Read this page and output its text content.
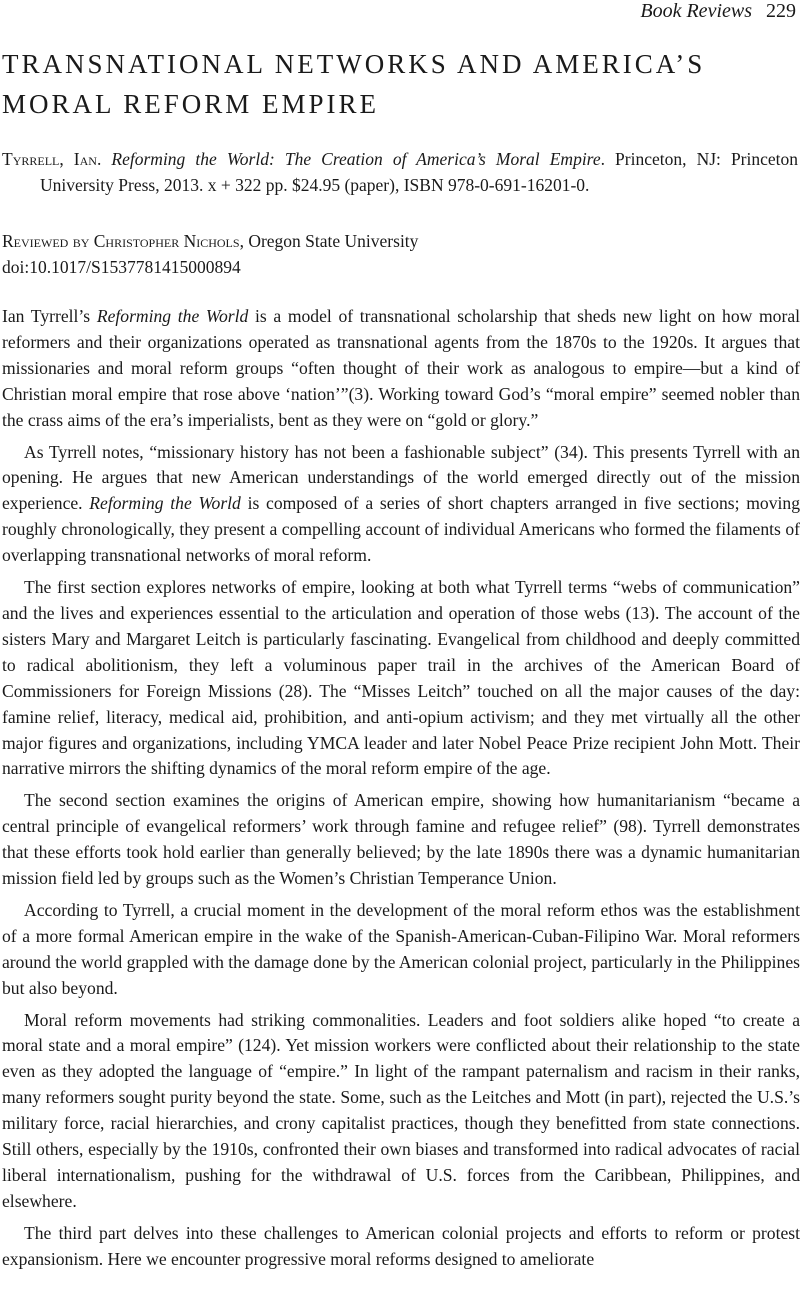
Book Reviews 229
TRANSNATIONAL NETWORKS AND AMERICA’S MORAL REFORM EMPIRE
Tyrrell, Ian. Reforming the World: The Creation of America’s Moral Empire. Princeton, NJ: Princeton University Press, 2013. x + 322 pp. $24.95 (paper), ISBN 978-0-691-16201-0.
Reviewed by Christopher Nichols, Oregon State University
doi:10.1017/S1537781415000894

Ian Tyrrell’s Reforming the World is a model of transnational scholarship that sheds new light on how moral reformers and their organizations operated as transnational agents from the 1870s to the 1920s. It argues that missionaries and moral reform groups “often thought of their work as analogous to empire—but a kind of Christian moral empire that rose above ‘nation’”(3). Working toward God’s “moral empire” seemed nobler than the crass aims of the era’s imperialists, bent as they were on “gold or glory.”

As Tyrrell notes, “missionary history has not been a fashionable subject” (34). This presents Tyrrell with an opening. He argues that new American understandings of the world emerged directly out of the mission experience. Reforming the World is composed of a series of short chapters arranged in five sections; moving roughly chronologically, they present a compelling account of individual Americans who formed the filaments of overlapping transnational networks of moral reform.

The first section explores networks of empire, looking at both what Tyrrell terms “webs of communication” and the lives and experiences essential to the articulation and operation of those webs (13). The account of the sisters Mary and Margaret Leitch is particularly fascinating. Evangelical from childhood and deeply committed to radical abolitionism, they left a voluminous paper trail in the archives of the American Board of Commissioners for Foreign Missions (28). The “Misses Leitch” touched on all the major causes of the day: famine relief, literacy, medical aid, prohibition, and anti-opium activism; and they met virtually all the other major figures and organizations, including YMCA leader and later Nobel Peace Prize recipient John Mott. Their narrative mirrors the shifting dynamics of the moral reform empire of the age.

The second section examines the origins of American empire, showing how humanitarianism “became a central principle of evangelical reformers’ work through famine and refugee relief” (98). Tyrrell demonstrates that these efforts took hold earlier than generally believed; by the late 1890s there was a dynamic humanitarian mission field led by groups such as the Women’s Christian Temperance Union.

According to Tyrrell, a crucial moment in the development of the moral reform ethos was the establishment of a more formal American empire in the wake of the Spanish-American-Cuban-Filipino War. Moral reformers around the world grappled with the damage done by the American colonial project, particularly in the Philippines but also beyond.

Moral reform movements had striking commonalities. Leaders and foot soldiers alike hoped “to create a moral state and a moral empire” (124). Yet mission workers were conflicted about their relationship to the state even as they adopted the language of “empire.” In light of the rampant paternalism and racism in their ranks, many reformers sought purity beyond the state. Some, such as the Leitches and Mott (in part), rejected the U.S.’s military force, racial hierarchies, and crony capitalist practices, though they benefitted from state connections. Still others, especially by the 1910s, confronted their own biases and transformed into radical advocates of racial liberal internationalism, pushing for the withdrawal of U.S. forces from the Caribbean, Philippines, and elsewhere.

The third part delves into these challenges to American colonial projects and efforts to reform or protest expansionism. Here we encounter progressive moral reforms designed to ameliorate
